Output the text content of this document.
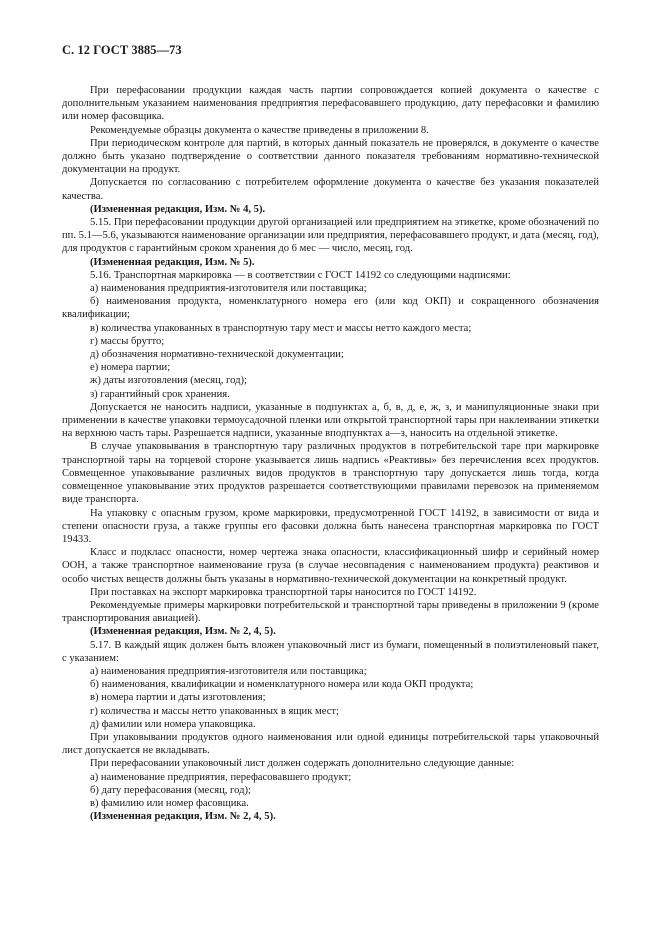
С. 12 ГОСТ 3885—73

При перефасовании продукции каждая часть партии сопровождается копией документа о качестве с дополнительным указанием наименования предприятия перефасовавшего продукцию, дату перефасовки и фамилию или номер фасовщика.

Рекомендуемые образцы документа о качестве приведены в приложении 8.

При периодическом контроле для партий, в которых данный показатель не проверялся, в документе о качестве должно быть указано подтверждение о соответствии данного показателя требованиям нормативно-технической документации на продукт.

Допускается по согласованию с потребителем оформление документа о качестве без указания показателей качества.

(Измененная редакция, Изм. № 4, 5).

5.15. При перефасовании продукции другой организацией или предприятием на этикетке, кроме обозначений по пп. 5.1—5.6, указываются наименование организации или предприятия, перефасовавшего продукт, и дата (месяц, год), для продуктов с гарантийным сроком хранения до 6 мес — число, месяц, год.

(Измененная редакция, Изм. № 5).

5.16. Транспортная маркировка — в соответствии с ГОСТ 14192 со следующими надписями:

а) наименования предприятия-изготовителя или поставщика;

б) наименования продукта, номенклатурного номера его (или код ОКП) и сокращенного обозначения квалификации;

в) количества упакованных в транспортную тару мест и массы нетто каждого места;

г) массы брутто;

д) обозначения нормативно-технической документации;

е) номера партии;

ж) даты изготовления (месяц, год);

з) гарантийный срок хранения.

Допускается не наносить надписи, указанные в подпунктах а, б, в, д, е, ж, з, и манипуляционные знаки при применении в качестве упаковки термоусадочной пленки или открытой транспортной тары при наклеивании этикетки на верхнюю часть тары. Разрешается надписи, указанные вподпунктах а—з, наносить на отдельной этикетке.

В случае упаковывания в транспортную тару различных продуктов в потребительской таре при маркировке транспортной тары на торцевой стороне указывается лишь надпись «Реактивы» без перечисления всех продуктов. Совмещенное упаковывание различных видов продуктов в транспортную тару допускается лишь тогда, когда совмещенное упаковывание этих продуктов разрешается соответствующими правилами перевозок на применяемом виде транспорта.

На упаковку с опасным грузом, кроме маркировки, предусмотренной ГОСТ 14192, в зависимости от вида и степени опасности груза, а также группы его фасовки должна быть нанесена транспортная маркировка по ГОСТ 19433.

Класс и подкласс опасности, номер чертежа знака опасности, классификационный шифр и серийный номер ООН, а также транспортное наименование груза (в случае несовпадения с наименованием продукта) реактивов и особо чистых веществ должны быть указаны в нормативно-технической документации на конкретный продукт.

При поставках на экспорт маркировка транспортной тары наносится по ГОСТ 14192.

Рекомендуемые примеры маркировки потребительской и транспортной тары приведены в приложении 9 (кроме транспортирования авиацией).

(Измененная редакция, Изм. № 2, 4, 5).

5.17. В каждый ящик должен быть вложен упаковочный лист из бумаги, помещенный в полиэтиленовый пакет, с указанием:

а) наименования предприятия-изготовителя или поставщика;

б) наименования, квалификации и номенклатурного номера или кода ОКП продукта;

в) номера партии и даты изготовления;

г) количества и массы нетто упакованных в ящик мест;

д) фамилии или номера упаковщика.

При упаковывании продуктов одного наименования или одной единицы потребительской тары упаковочный лист допускается не вкладывать.

При перефасовании упаковочный лист должен содержать дополнительно следующие данные:

а) наименование предприятия, перефасовавшего продукт;

б) дату перефасования (месяц, год);

в) фамилию или номер фасовщика.

(Измененная редакция, Изм. № 2, 4, 5).
